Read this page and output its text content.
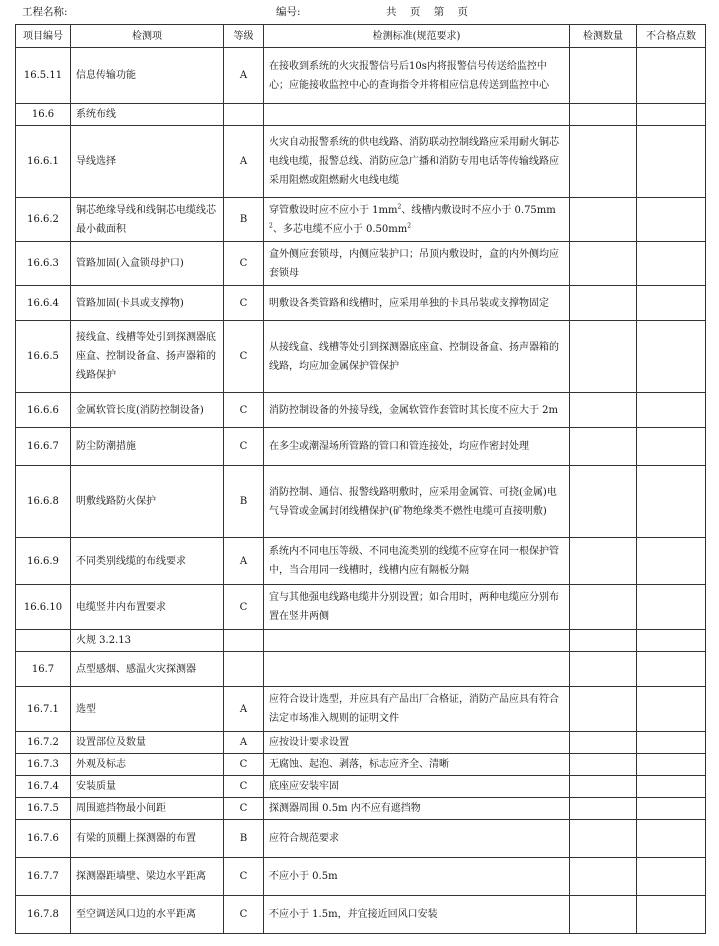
工程名称:	编号:	共    页    第    页
项目编号	检测项	等级	检测标准(规范要求)	检测数量	不合格点数
16.5.11	信息传输功能	A	在接收到系统的火灾报警信号后10s内将报警信号传送给监控中心；应能接收监控中心的查询指令并将相应信息传送到监控中心		
16.6	系统布线				
16.6.1	导线选择	A	火灾自动报警系统的供电线路、消防联动控制线路应采用耐火铜芯电线电缆，报警总线、消防应急广播和消防专用电话等传输线路应采用阻燃或阻燃耐火电线电缆		
16.6.2	铜芯绝缘导线和线铜芯电缆线芯最小截面积	B	穿管敷设时应不应小于 $1mm^2$、线槽内敷设时不应小于 $0.75mm^2$、多芯电缆不应小于 $0.50mm^2$		
16.6.3	管路加固(入盒锁母护口)	C	盒外侧应套锁母，内侧应装护口；吊顶内敷设时，盒的内外侧均应套锁母		
16.6.4	管路加固(卡具或支撑物)	C	明敷设各类管路和线槽时，应采用单独的卡具吊装或支撑物固定		
16.6.5	接线盒、线槽等处引到探测器底座盒、控制设备盒、扬声器箱的线路保护	C	从接线盒、线槽等处引到探测器底座盒、控制设备盒、扬声器箱的线路，均应加金属保护管保护		
16.6.6	金属软管长度(消防控制设备)	C	消防控制设备的外接导线，金属软管作套管时其长度不应大于 2m		
16.6.7	防尘防潮措施	C	在多尘或潮湿场所管路的管口和管连接处，均应作密封处理		
16.6.8	明敷线路防火保护	B	消防控制、通信、报警线路明敷时，应采用金属管、可挠(金属)电气导管或金属封闭线槽保护(矿物绝缘类不燃性电缆可直接明敷)		
16.6.9	不同类别线缆的布线要求	A	系统内不同电压等级、不同电流类别的线缆不应穿在同一根保护管中，当合用同一线槽时，线槽内应有隔板分隔		
16.6.10	电缆竖井内布置要求	C	宜与其他强电线路电缆井分别设置；如合用时，两种电缆应分别布置在竖井两侧		
	火规 3.2.13				
16.7	点型感烟、感温火灾探测器				
16.7.1	选型	A	应符合设计选型，并应具有产品出厂合格证，消防产品应具有符合法定市场准入规则的证明文件		
16.7.2	设置部位及数量	A	应按设计要求设置		
16.7.3	外观及标志	C	无腐蚀、起泡、剥落，标志应齐全、清晰		
16.7.4	安装质量	C	底座应安装牢固		
16.7.5	周围遮挡物最小间距	C	探测器周围 0.5m 内不应有遮挡物		
16.7.6	有梁的顶棚上探测器的布置	B	应符合规范要求		
16.7.7	探测器距墙壁、梁边水平距离	C	不应小于 0.5m		
16.7.8	至空调送风口边的水平距离	C	不应小于 1.5m，并宜接近回风口安装		
